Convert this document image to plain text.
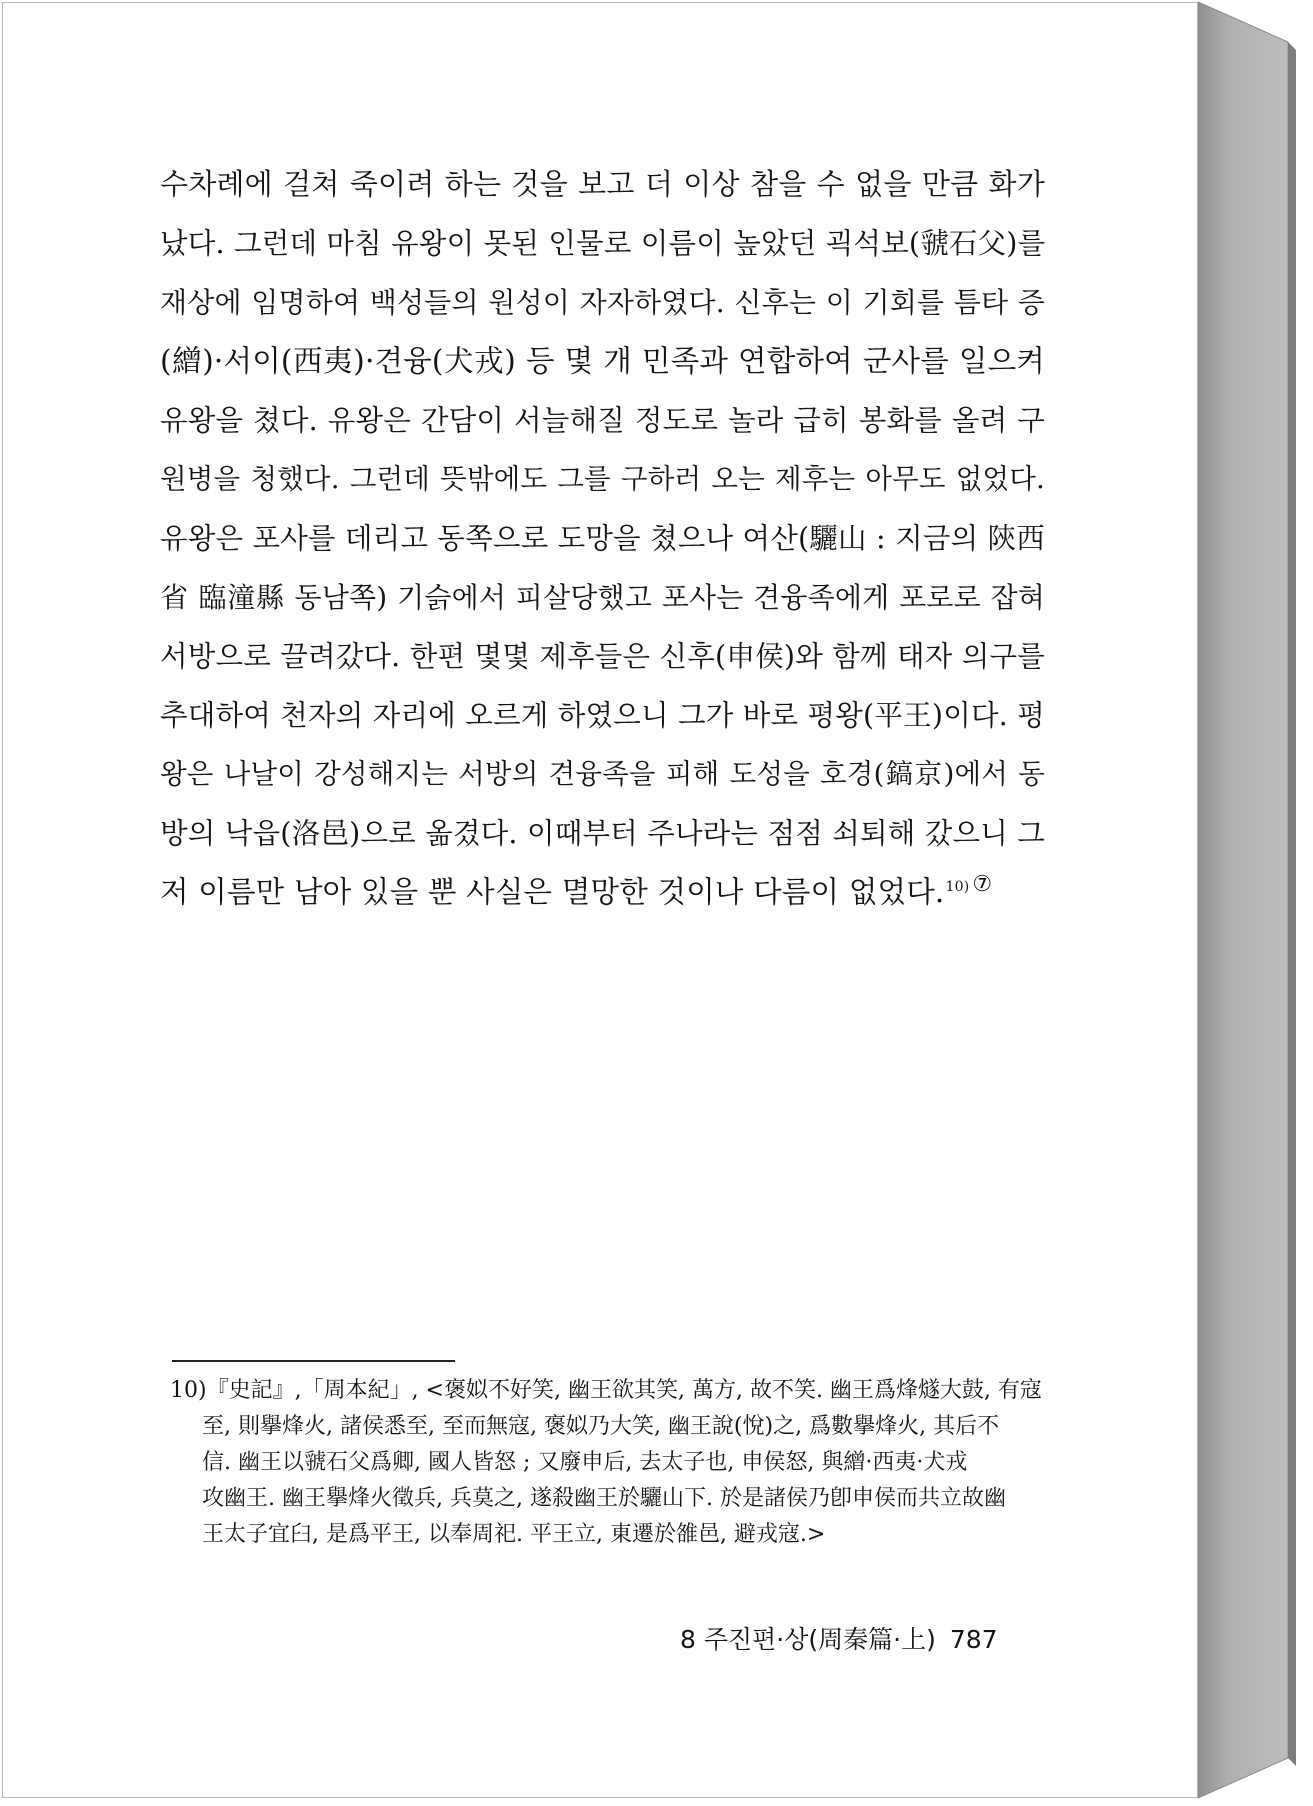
수차례에 걸쳐 죽이려 하는 것을 보고 더 이상 참을 수 없을 만큼 화가
났다. 그런데 마침 유왕이 못된 인물로 이름이 높았던 괵석보(虢石父)를
재상에 임명하여 백성들의 원성이 자자하였다. 신후는 이 기회를 틈타 증
(繒)·서이(西夷)·견융(犬戎) 등 몇 개 민족과 연합하여 군사를 일으켜
유왕을 쳤다. 유왕은 간담이 서늘해질 정도로 놀라 급히 봉화를 올려 구
원병을 청했다. 그런데 뜻밖에도 그를 구하러 오는 제후는 아무도 없었다.
유왕은 포사를 데리고 동쪽으로 도망을 쳤으나 여산(驪山 : 지금의 陝西
省 臨潼縣 동남쪽) 기슭에서 피살당했고 포사는 견융족에게 포로로 잡혀
서방으로 끌려갔다. 한편 몇몇 제후들은 신후(申侯)와 함께 태자 의구를
추대하여 천자의 자리에 오르게 하였으니 그가 바로 평왕(平王)이다. 평
왕은 나날이 강성해지는 서방의 견융족을 피해 도성을 호경(鎬京)에서 동
방의 낙읍(洛邑)으로 옮겼다. 이때부터 주나라는 점점 쇠퇴해 갔으니 그
저 이름만 남아 있을 뿐 사실은 멸망한 것이나 다름이 없었다.$^{10)}$ ⑦

10)『史記』,「周本紀」, <褒姒不好笑, 幽王欲其笑, 萬方, 故不笑. 幽王爲烽燧大鼓, 有寇
至, 則擧烽火, 諸侯悉至, 至而無寇, 褒姒乃大笑, 幽王說(悅)之, 爲數擧烽火, 其后不
信. 幽王以虢石父爲卿, 國人皆怒 ; 又廢申后, 去太子也, 申侯怒, 與繒·西夷·犬戎
攻幽王. 幽王擧烽火徵兵, 兵莫之, 遂殺幽王於驪山下. 於是諸侯乃卽申侯而共立故幽
王太子宜臼, 是爲平王, 以奉周祀. 平王立, 東遷於雒邑, 避戎寇.>
8 주진편·상(周秦篇·上) 787
